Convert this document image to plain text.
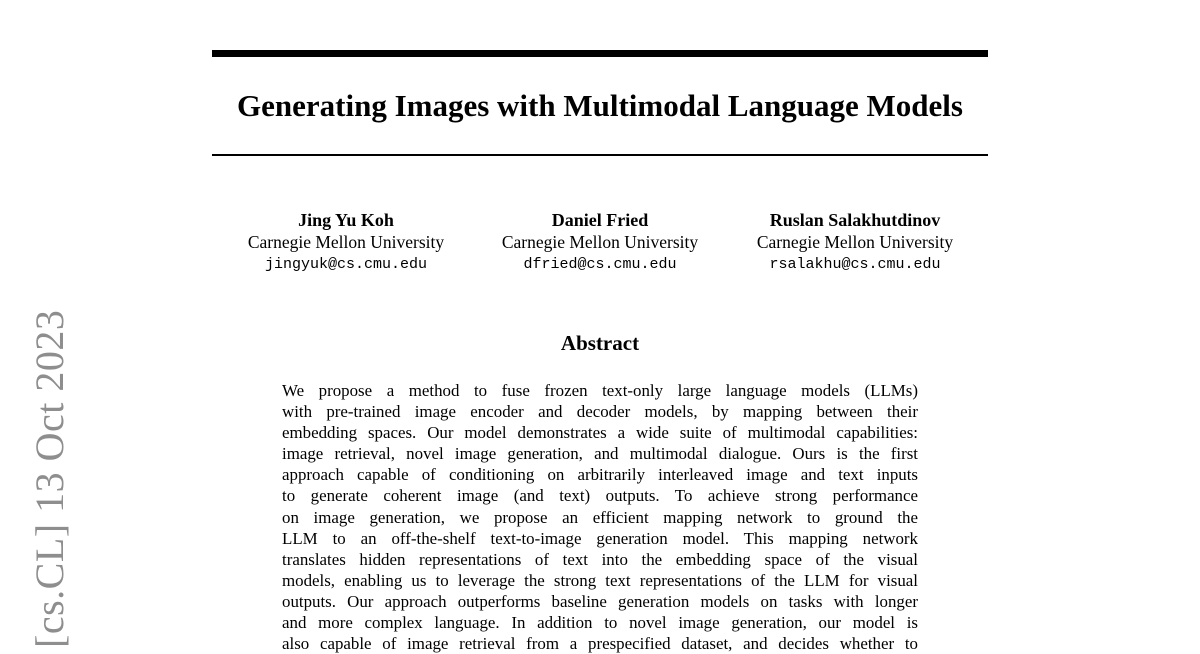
Generating Images with Multimodal Language Models
Jing Yu Koh
Carnegie Mellon University
jingyuk@cs.cmu.edu
Daniel Fried
Carnegie Mellon University
dfried@cs.cmu.edu
Ruslan Salakhutdinov
Carnegie Mellon University
rsalakhu@cs.cmu.edu
Abstract
We propose a method to fuse frozen text-only large language models (LLMs)
with pre-trained image encoder and decoder models, by mapping between their
embedding spaces. Our model demonstrates a wide suite of multimodal capabilities:
image retrieval, novel image generation, and multimodal dialogue. Ours is the first
approach capable of conditioning on arbitrarily interleaved image and text inputs
to generate coherent image (and text) outputs. To achieve strong performance
on image generation, we propose an efficient mapping network to ground the
LLM to an off-the-shelf text-to-image generation model. This mapping network
translates hidden representations of text into the embedding space of the visual
models, enabling us to leverage the strong text representations of the LLM for visual
outputs. Our approach outperforms baseline generation models on tasks with longer
and more complex language. In addition to novel image generation, our model is
also capable of image retrieval from a prespecified dataset, and decides whether to
[cs.CL] 13 Oct 2023
